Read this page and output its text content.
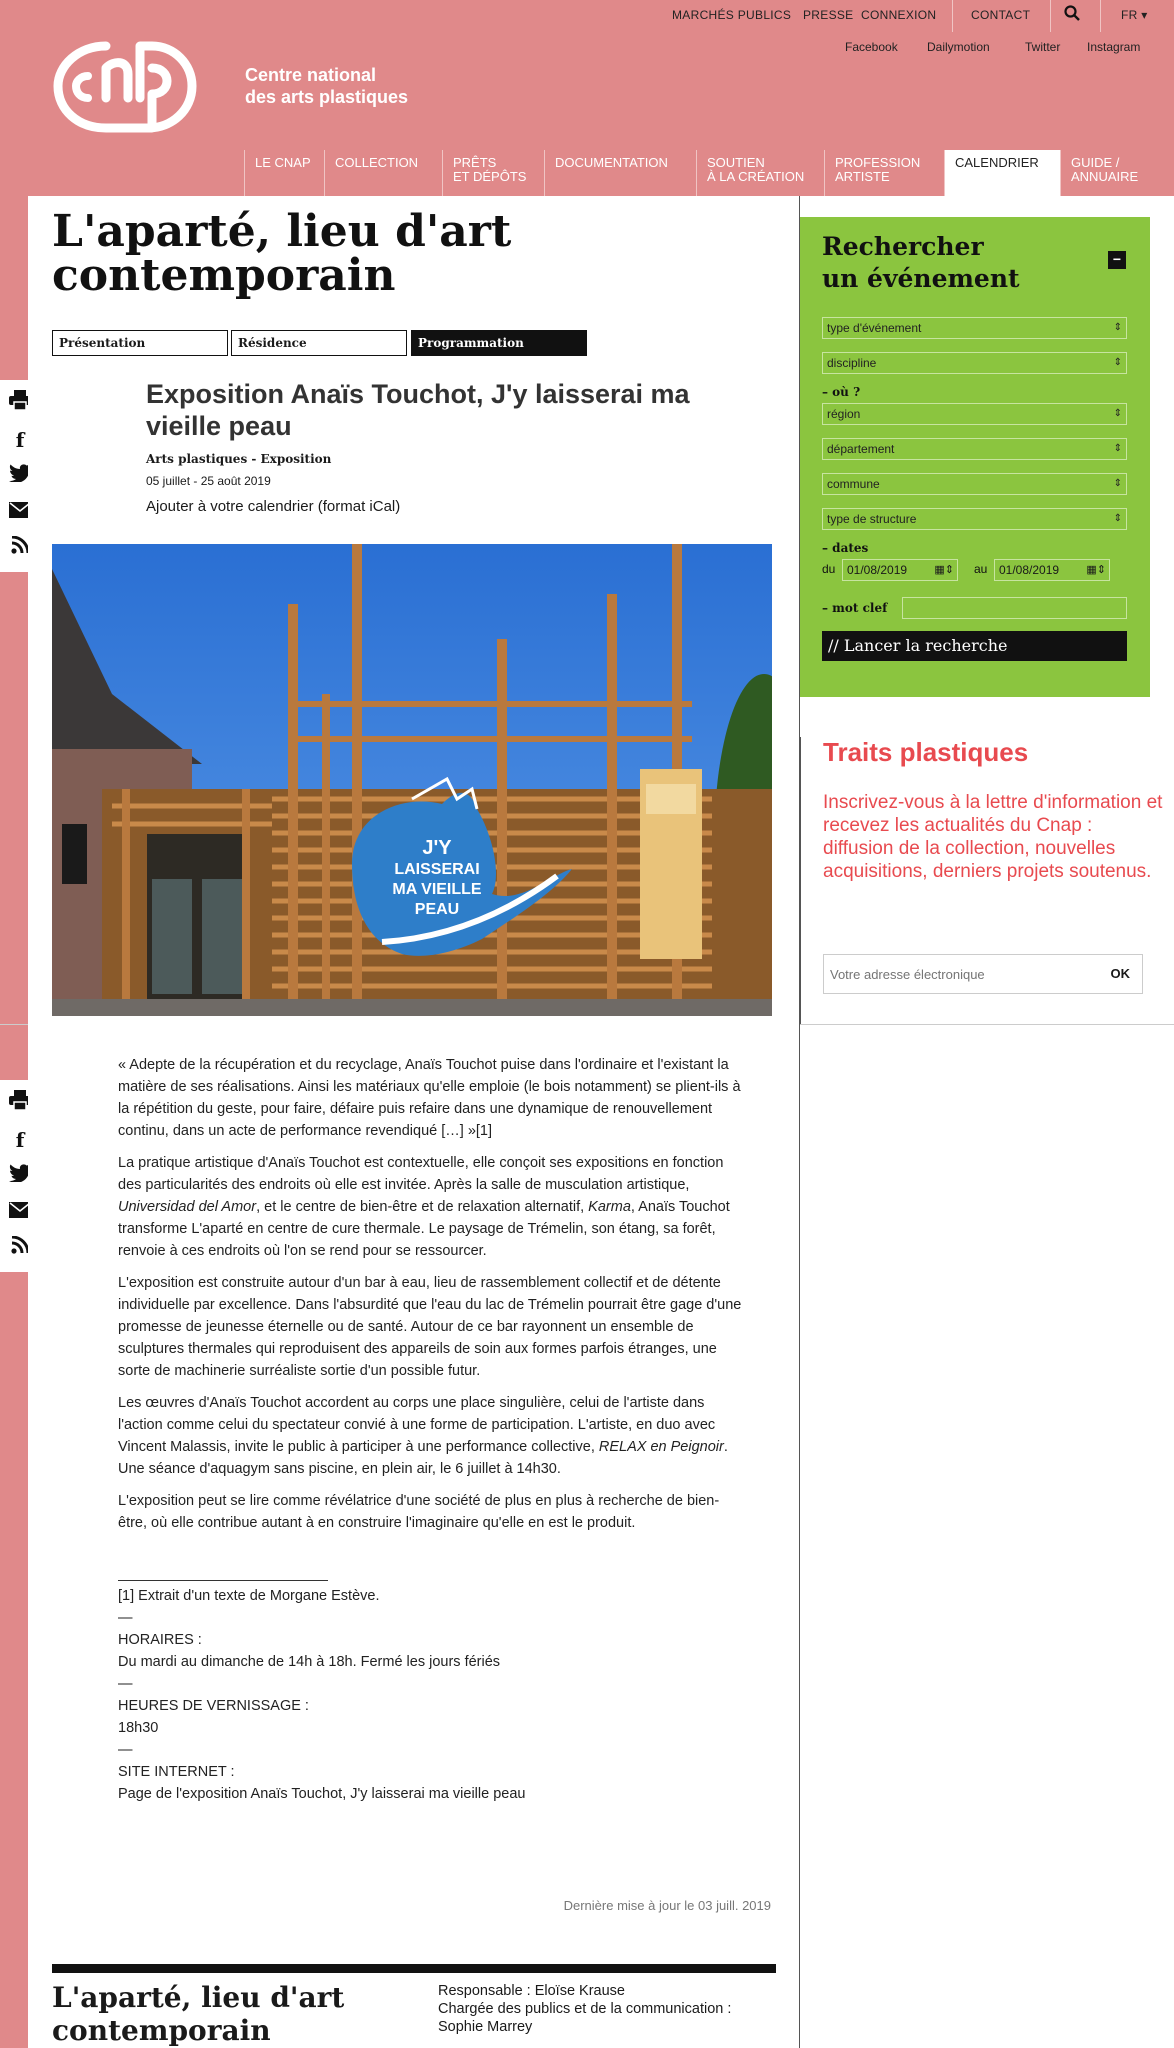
Centre national
des arts plastiques
MARCHÉS PUBLICS PRESSE CONNEXION	CONTACT	FR ▾
Facebook Dailymotion	Twitter Instagram
LE CNAP	COLLECTION	PRÊTS
ET DÉPÔTS
DOCUMENTATION	SOUTIEN
À LA CRÉATION
PROFESSION
ARTISTE
CALENDRIER	GUIDE /
ANNUAIRE
f
f
L'aparté, lieu d'art contemporain
Présentation	Résidence	Programmation
Exposition Anaïs Touchot, J'y laisserai ma vieille peau
Arts plastiques - Exposition
05 juillet - 25 août 2019
Ajouter à votre calendrier (format iCal)
J'Y
LAISSERAI
MA VIEILLE
PEAU

« Adepte de la récupération et du recyclage, Anaïs Touchot puise dans l'ordinaire et l'existant la matière de ses réalisations. Ainsi les matériaux qu'elle emploie (le bois notamment) se plient-ils à la répétition du geste, pour faire, défaire puis refaire dans une dynamique de renouvellement continu, dans un acte de performance revendiqué […] »[1]

La pratique artistique d'Anaïs Touchot est contextuelle, elle conçoit ses expositions en fonction des particularités des endroits où elle est invitée. Après la salle de musculation artistique, Universidad del Amor, et le centre de bien-être et de relaxation alternatif, Karma, Anaïs Touchot transforme L'aparté en centre de cure thermale. Le paysage de Trémelin, son étang, sa forêt, renvoie à ces endroits où l'on se rend pour se ressourcer.

L'exposition est construite autour d'un bar à eau, lieu de rassemblement collectif et de détente individuelle par excellence. Dans l'absurdité que l'eau du lac de Trémelin pourrait être gage d'une promesse de jeunesse éternelle ou de santé. Autour de ce bar rayonnent un ensemble de sculptures thermales qui reproduisent des appareils de soin aux formes parfois étranges, une sorte de machinerie surréaliste sortie d'un possible futur.

Les œuvres d'Anaïs Touchot accordent au corps une place singulière, celui de l'artiste dans l'action comme celui du spectateur convié à une forme de participation. L'artiste, en duo avec Vincent Malassis, invite le public à participer à une performance collective, RELAX en Peignoir. Une séance d'aquagym sans piscine, en plein air, le 6 juillet à 14h30.

L'exposition peut se lire comme révélatrice d'une société de plus en plus à recherche de bien-être, où elle contribue autant à en construire l'imaginaire qu'elle en est le produit.

[1] Extrait d'un texte de Morgane Estève.
—
HORAIRES :
Du mardi au dimanche de 14h à 18h. Fermé les jours fériés
—
HEURES DE VERNISSAGE :
18h30
—
SITE INTERNET :
Page de l'exposition Anaïs Touchot, J'y laisserai ma vieille peau
Dernière mise à jour le 03 juill. 2019
L'aparté, lieu d'art contemporain
Responsable : Eloïse Krause
Chargée des publics et de la communication :
Sophie Marrey
Rechercher
un événement
−
type d'événement	⇕
discipline	⇕
– où ?
région	⇕
département	⇕
commune	⇕
type de structure	⇕
– dates
du 01/08/2019 ▦⇕ au 01/08/2019 ▦⇕
– mot clef
// Lancer la recherche
Traits plastiques
Inscrivez-vous à la lettre d'information et recevez les actualités du Cnap : diffusion de la collection, nouvelles acquisitions, derniers projets soutenus.
Votre adresse électronique
OK
